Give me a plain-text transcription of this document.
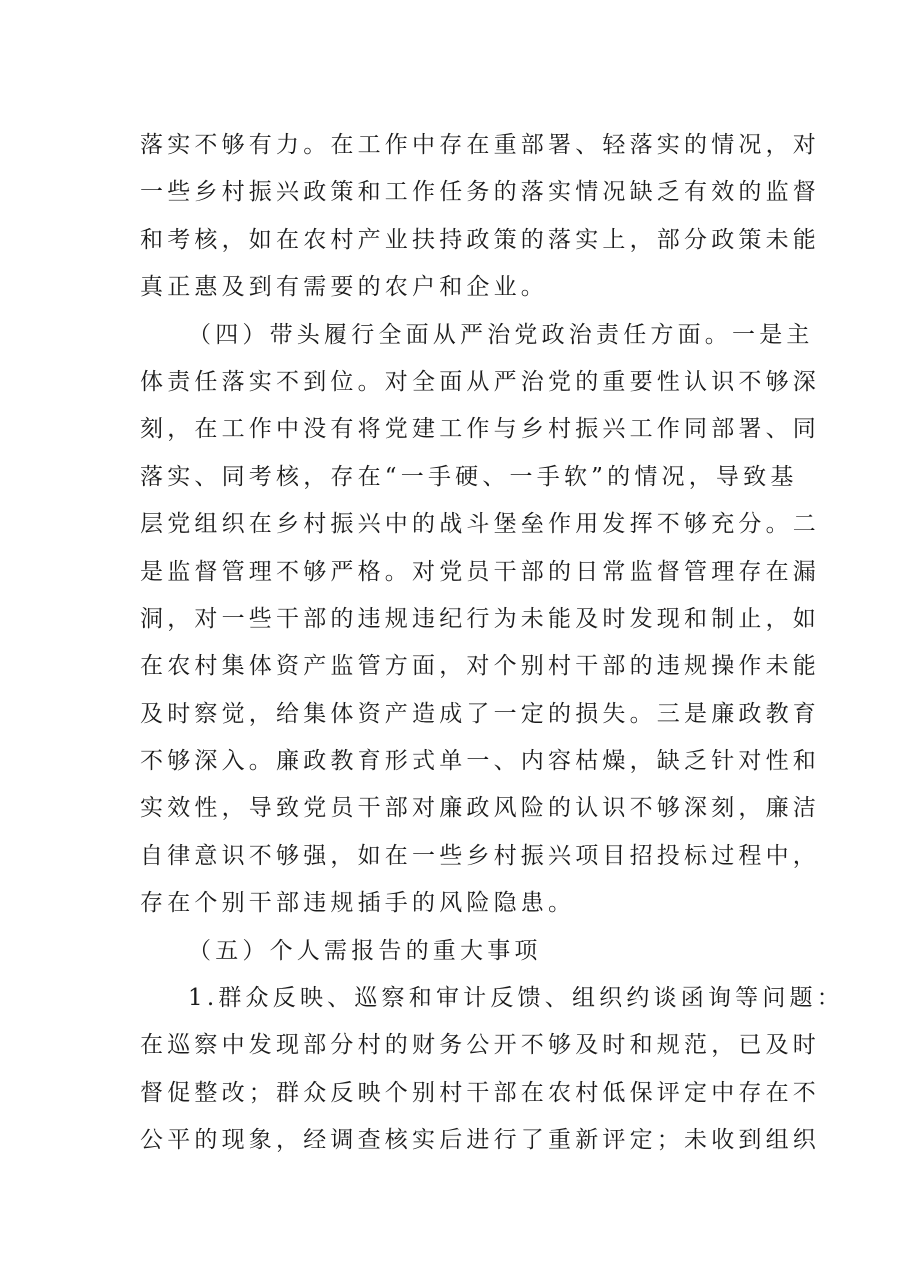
落实不够有力。在工作中存在重部署、轻落实的情况，对
一些乡村振兴政策和工作任务的落实情况缺乏有效的监督
和考核，如在农村产业扶持政策的落实上，部分政策未能
真正惠及到有需要的农户和企业。
（四）带头履行全面从严治党政治责任方面。一是主
体责任落实不到位。对全面从严治党的重要性认识不够深
刻，在工作中没有将党建工作与乡村振兴工作同部署、同
落实、同考核，存在“一手硬、一手软”的情况，导致基
层党组织在乡村振兴中的战斗堡垒作用发挥不够充分。二
是监督管理不够严格。对党员干部的日常监督管理存在漏
洞，对一些干部的违规违纪行为未能及时发现和制止，如
在农村集体资产监管方面，对个别村干部的违规操作未能
及时察觉，给集体资产造成了一定的损失。三是廉政教育
不够深入。廉政教育形式单一、内容枯燥，缺乏针对性和
实效性，导致党员干部对廉政风险的认识不够深刻，廉洁
自律意识不够强，如在一些乡村振兴项目招投标过程中，
存在个别干部违规插手的风险隐患。
（五）个人需报告的重大事项
1.群众反映、巡察和审计反馈、组织约谈函询等问题：
在巡察中发现部分村的财务公开不够及时和规范，已及时
督促整改；群众反映个别村干部在农村低保评定中存在不
公平的现象，经调查核实后进行了重新评定；未收到组织
